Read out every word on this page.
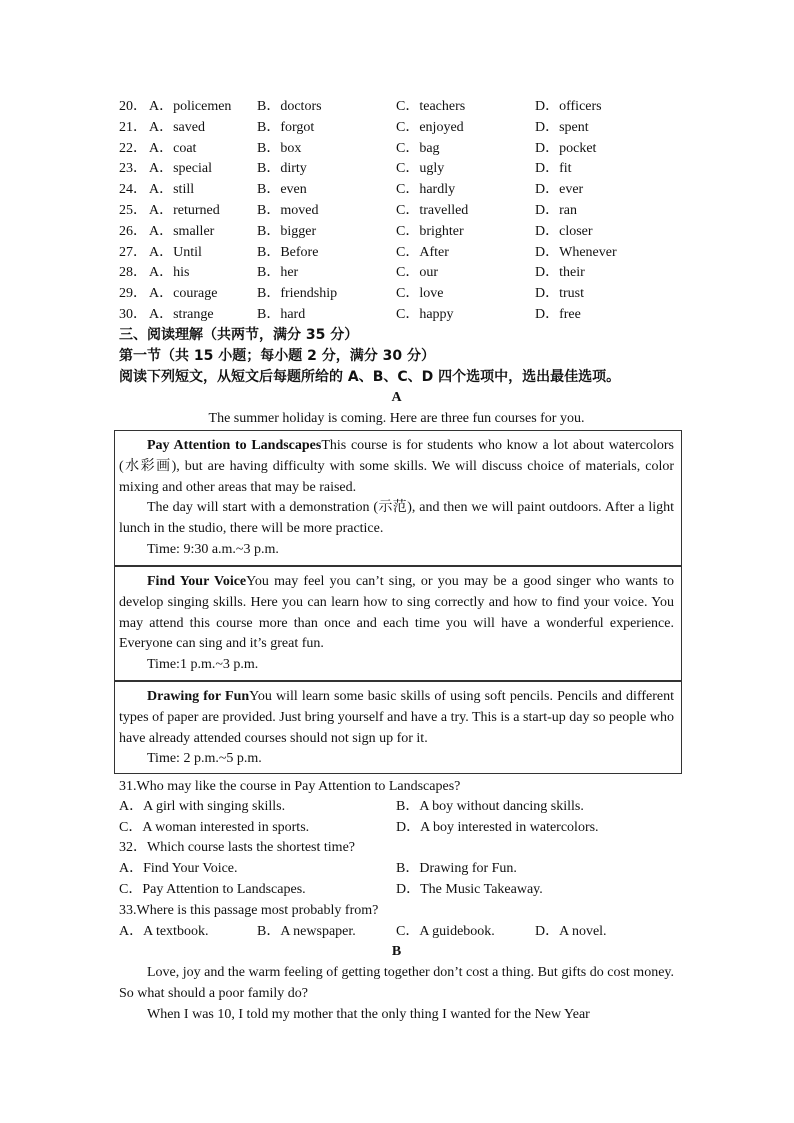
20． A．policemen B．doctors	C．teachers	D．officers
21． A．saved	B．forgot	C．enjoyed	D．spent
22． A．coat	B．box	C．bag	D．pocket
23． A．special	B．dirty	C．ugly	D．fit
24． A．still	B．even	C．hardly	D．ever
25． A．returned	B．moved	C．travelled	D．ran
26． A．smaller	B．bigger	C．brighter	D．closer
27． A．Until	B．Before	C．After	D．Whenever
28． A．his	B．her	C．our	D．their
29． A．courage	B．friendship	C．love	D．trust
30． A．strange	B．hard	C．happy	D．free
三、阅读理解（共两节，满分 35 分）
第一节（共 15 小题；每小题 2 分，满分 30 分）
阅读下列短文，从短文后每题所给的 A、B、C、D 四个选项中，选出最佳选项。
A
The summer holiday is coming. Here are three fun courses for you.
Pay Attention to LandscapesThis course is for students who know a lot about watercolors (水彩画), but are having difficulty with some skills. We will discuss choice of materials, color mixing and other areas that may be raised.
The day will start with a demonstration (示范), and then we will paint outdoors. After a light lunch in the studio, there will be more practice.
Time: 9:30 a.m.~3 p.m.
Find Your VoiceYou may feel you can’t sing, or you may be a good singer who wants to develop singing skills. Here you can learn how to sing correctly and how to find your voice. You may attend this course more than once and each time you will have a wonderful experience. Everyone can sing and it’s great fun.
Time:1 p.m.~3 p.m.
Drawing for FunYou will learn some basic skills of using soft pencils. Pencils and different types of paper are provided. Just bring yourself and have a try. This is a start-up day so people who have already attended courses should not sign up for it.
Time: 2 p.m.~5 p.m.
31.Who may like the course in Pay Attention to Landscapes?
A．A girl with singing skills.	B．A boy without dancing skills.
C．A woman interested in sports.	D．A boy interested in watercolors.
32．Which course lasts the shortest time?
A．Find Your Voice.	B．Drawing for Fun.
C．Pay Attention to Landscapes.	D．The Music Takeaway.
33.Where is this passage most probably from?
A．A textbook.	B．A newspaper.	C．A guidebook.	D．A novel.
B
Love, joy and the warm feeling of getting together don’t cost a thing. But gifts do cost money. So what should a poor family do?
When I was 10, I told my mother that the only thing I wanted for the New Year
